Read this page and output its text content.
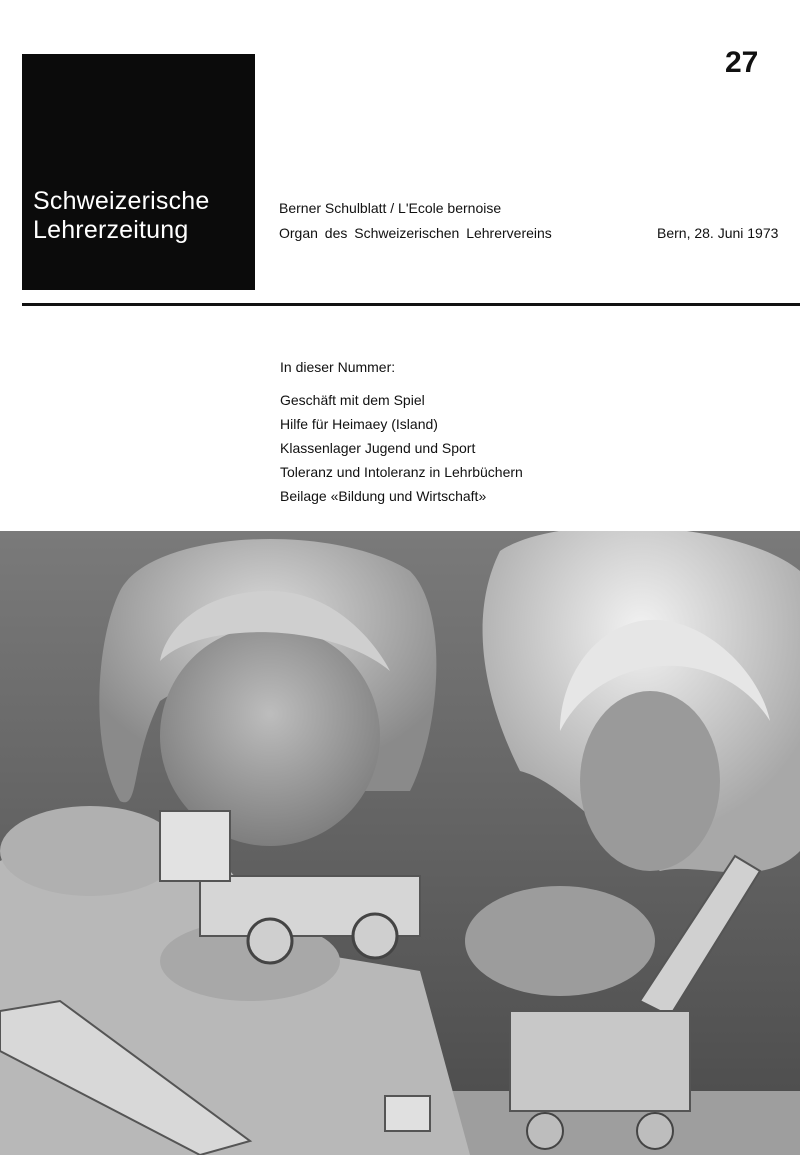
27
Schweizerische
Lehrerzeitung
Berner Schulblatt / L'Ecole bernoise
Organ des Schweizerischen Lehrervereins	Bern, 28. Juni 1973
In dieser Nummer:
Geschäft mit dem Spiel
Hilfe für Heimaey (Island)
Klassenlager Jugend und Sport
Toleranz und Intoleranz in Lehrbüchern
Beilage «Bildung und Wirtschaft»
